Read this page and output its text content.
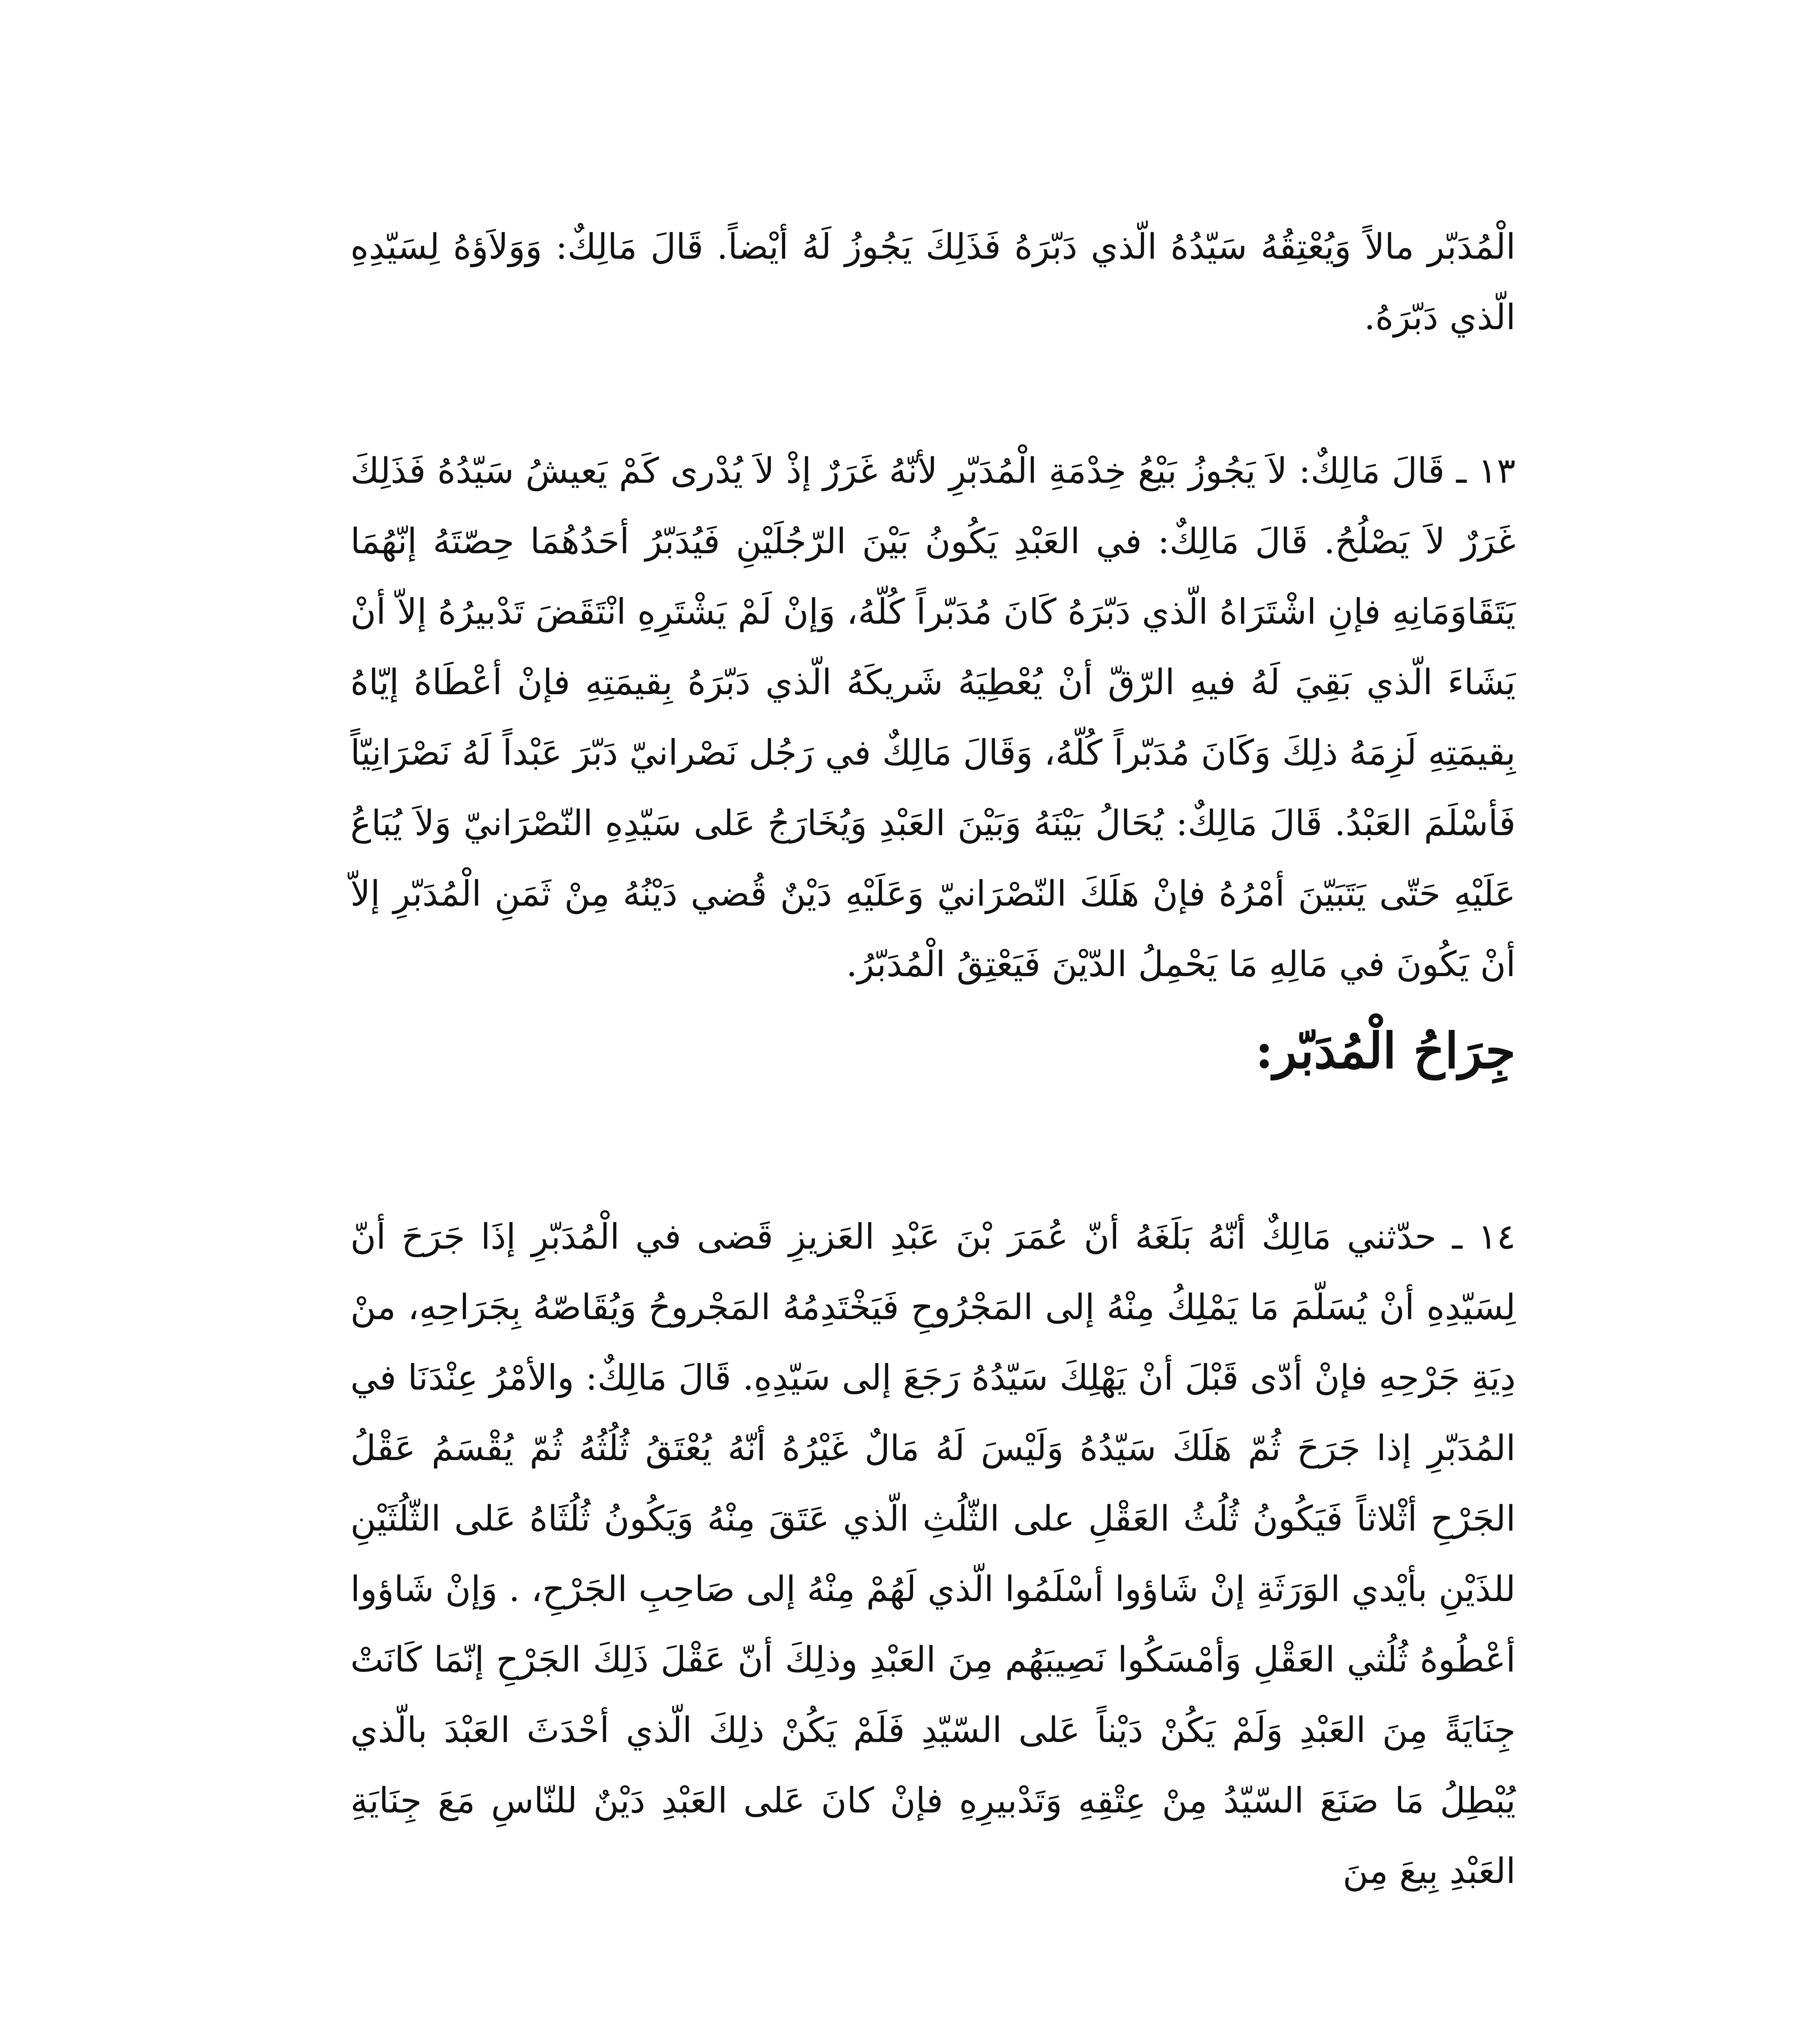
الْمُدَبّر مالاً وَيُعْتِقُهُ سَيّدُهُ الّذي دَبّرَهُ فَذَلِكَ يَجُوزُ لَهُ أيْضاً. قَالَ مَالِكٌ: وَوَلاَؤهُ لِسَيّدِهِ الّذي دَبّرَهُ.

١٣ ـ قَالَ مَالِكٌ: لاَ يَجُوزُ بَيْعُ خِدْمَةِ الْمُدَبّرِ لأنّهُ غَرَرٌ إذْ لاَ يُدْرى كَمْ يَعيشُ سَيّدُهُ فَذَلِكَ غَرَرٌ لاَ يَصْلُحُ. قَالَ مَالِكٌ: في العَبْدِ يَكُونُ بَيْنَ الرّجُلَيْنِ فَيُدَبّرُ أحَدُهُمَا حِصّتَهُ إنّهُمَا يَتَقَاوَمَانِهِ فإنِ اشْتَرَاهُ الّذي دَبّرَهُ كَانَ مُدَبّراً كُلّهُ، وَإنْ لَمْ يَشْتَرِهِ انْتَقَضَ تَدْبيرُهُ إلاّ أنْ يَشَاءَ الّذي بَقِيَ لَهُ فيهِ الرّقّ أنْ يُعْطِيَهُ شَريكَهُ الّذي دَبّرَهُ بِقيمَتِهِ فإنْ أعْطَاهُ إيّاهُ بِقيمَتِهِ لَزِمَهُ ذلِكَ وَكَانَ مُدَبّراً كُلّهُ، وَقَالَ مَالِكٌ في رَجُل نَصْرانيّ دَبّرَ عَبْداً لَهُ نَصْرَانِيّاً فَأسْلَمَ العَبْدُ. قَالَ مَالِكٌ: يُحَالُ بَيْنَهُ وَبَيْنَ العَبْدِ وَيُخَارَجُ عَلى سَيّدِهِ النّصْرَانيّ وَلاَ يُبَاعُ عَلَيْهِ حَتّى يَتَبَيّنَ أمْرُهُ فإنْ هَلَكَ النّصْرَانيّ وَعَلَيْهِ دَيْنٌ قُضي دَيْنُهُ مِنْ ثَمَنِ الْمُدَبّرِ إلاّ أنْ يَكُونَ في مَالِهِ مَا يَحْمِلُ الدّيْنَ فَيَعْتِقُ الْمُدَبّرُ.

جِرَاحُ الْمُدَبّر:

١٤ ـ حدّثني مَالِكٌ أنّهُ بَلَغَهُ أنّ عُمَرَ بْنَ عَبْدِ العَزيزِ قَضى في الْمُدَبّرِ إذَا جَرَحَ أنّ لِسَيّدِهِ أنْ يُسَلّمَ مَا يَمْلِكُ مِنْهُ إلى المَجْرُوحِ فَيَخْتَدِمُهُ المَجْروحُ وَيُقَاصّهُ بِجَرَاحِهِ، منْ دِيَةِ جَرْحِهِ فإنْ أدّى قَبْلَ أنْ يَهْلِكَ سَيّدُهُ رَجَعَ إلى سَيّدِهِ. قَالَ مَالِكٌ: والأمْرُ عِنْدَنَا في المُدَبّرِ إذا جَرَحَ ثُمّ هَلَكَ سَيّدُهُ وَلَيْسَ لَهُ مَالٌ غَيْرُهُ أنّهُ يُعْتَقُ ثُلُثُهُ ثُمّ يُقْسَمُ عَقْلُ الجَرْحِ أثْلاثاً فَيَكُونُ ثُلُثُ العَقْلِ على الثّلُثِ الّذي عَتَقَ مِنْهُ وَيَكُونُ ثُلُثَاهُ عَلى الثّلُثَيْنِ للذَيْنِ بأيْدي الوَرَثَةِ إنْ شَاؤوا أسْلَمُوا الّذي لَهُمْ مِنْهُ إلى صَاحِبِ الجَرْحِ، . وَإنْ شَاؤوا أعْطُوهُ ثُلُثي العَقْلِ وَأمْسَكُوا نَصِيبَهُم مِنَ العَبْدِ وذلِكَ أنّ عَقْلَ ذَلِكَ الجَرْحِ إنّمَا كَانَتْ جِنَايَةً مِنَ العَبْدِ وَلَمْ يَكُنْ دَيْناً عَلى السّيّدِ فَلَمْ يَكُنْ ذلِكَ الّذي أحْدَثَ العَبْدَ بالّذي يُبْطِلُ مَا صَنَعَ السّيّدُ مِنْ عِتْقِهِ وَتَدْبيرِهِ فإنْ كانَ عَلى العَبْدِ دَيْنٌ للنّاسِ مَعَ جِنَايَةِ العَبْدِ بِيعَ مِنَ
